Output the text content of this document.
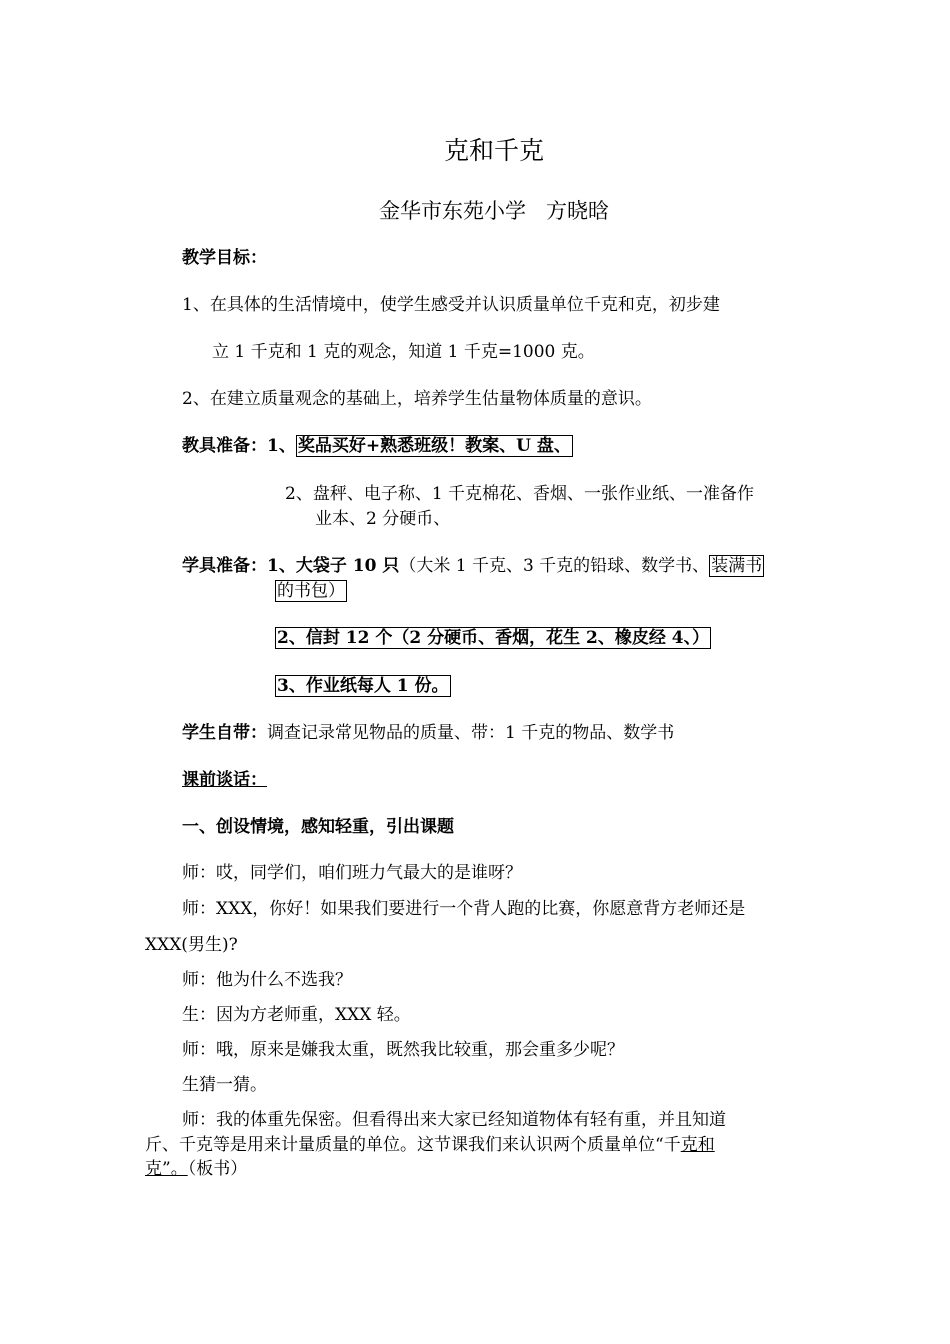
克和千克
金华市东苑小学   方晓晗
教学目标：
1、在具体的生活情境中，使学生感受并认识质量单位千克和克，初步建
立 1 千克和 1 克的观念，知道 1 千克=1000 克。
2、在建立质量观念的基础上，培养学生估量物体质量的意识。
教具准备：1、 奖品买好+熟悉班级！教案、U 盘、
2、盘秤、电子称、1 千克棉花、香烟、一张作业纸、一准备作
业本、2 分硬币、
学具准备：1、大袋子 10 只（大米 1 千克、3 千克的铅球、数学书、 装满书
的书包）
2、信封 12 个（2 分硬币、香烟，花生 2、橡皮经 4、）
3、作业纸每人 1 份。
学生自带：调查记录常见物品的质量、带：1 千克的物品、数学书
课前谈话：
一、创设情境，感知轻重，引出课题
师：哎，同学们，咱们班力气最大的是谁呀？
师：XXX，你好！如果我们要进行一个背人跑的比赛，你愿意背方老师还是
XXX(男生)?
师：他为什么不选我？
生：因为方老师重，XXX 轻。
师：哦，原来是嫌我太重，既然我比较重，那会重多少呢？
生猜一猜。
师：我的体重先保密。但看得出来大家已经知道物体有轻有重，并且知道
斤、千克等是用来计量质量的单位。这节课我们来认识两个质量单位“千克和
克”。（板书）
